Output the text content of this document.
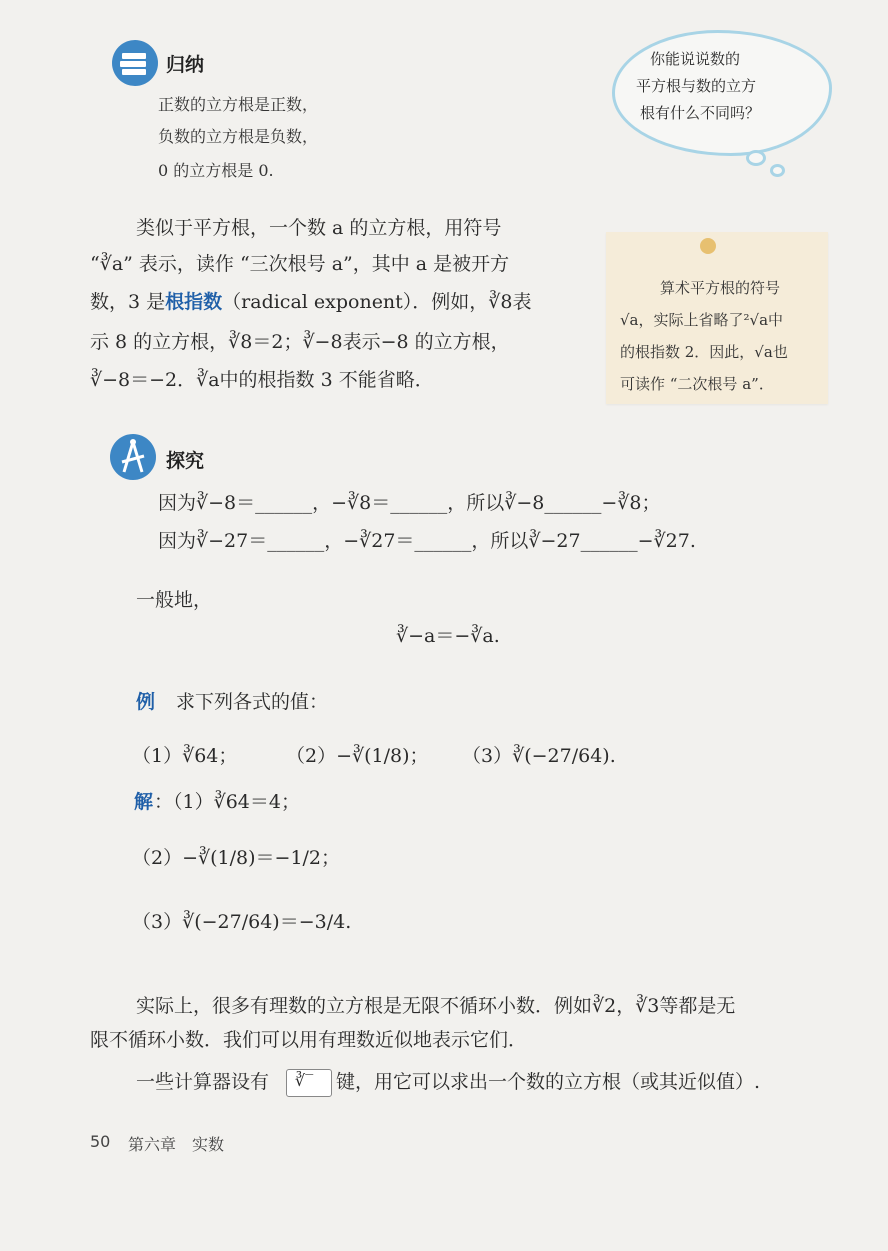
归纳
正数的立方根是正数，
负数的立方根是负数，
0 的立方根是 0.
你能说说数的
平方根与数的立方
根有什么不同吗？
类似于平方根，一个数 a 的立方根，用符号
“∛a” 表示，读作 “三次根号 a”，其中 a 是被开方
数，3 是根指数（radical exponent）．例如，∛8表
示 8 的立方根，∛8＝2；∛−8表示−8 的立方根，
∛−8＝−2．∛a中的根指数 3 不能省略．
算术平方根的符号
√a，实际上省略了²√a中
的根指数 2．因此，√a也
可读作 “二次根号 a”．
探究
因为∛−8＝______，−∛8＝______，所以∛−8______−∛8；
因为∛−27＝______，−∛27＝______，所以∛−27______−∛27.
一般地，
∛−a＝−∛a.
例 求下列各式的值：
（1）∛64；	（2）−∛(1/8)； （3）∛(−27/64).
解 ：（1）∛64＝4；
（2）−∛(1/8)＝−1/2；
（3）∛(−27/64)＝−3/4.
实际上，很多有理数的立方根是无限不循环小数．例如∛2，∛3等都是无
限不循环小数．我们可以用有理数近似地表示它们．
一些计算器设有 ∛‾ 键，用它可以求出一个数的立方根（或其近似值）.
50 第六章　实数
